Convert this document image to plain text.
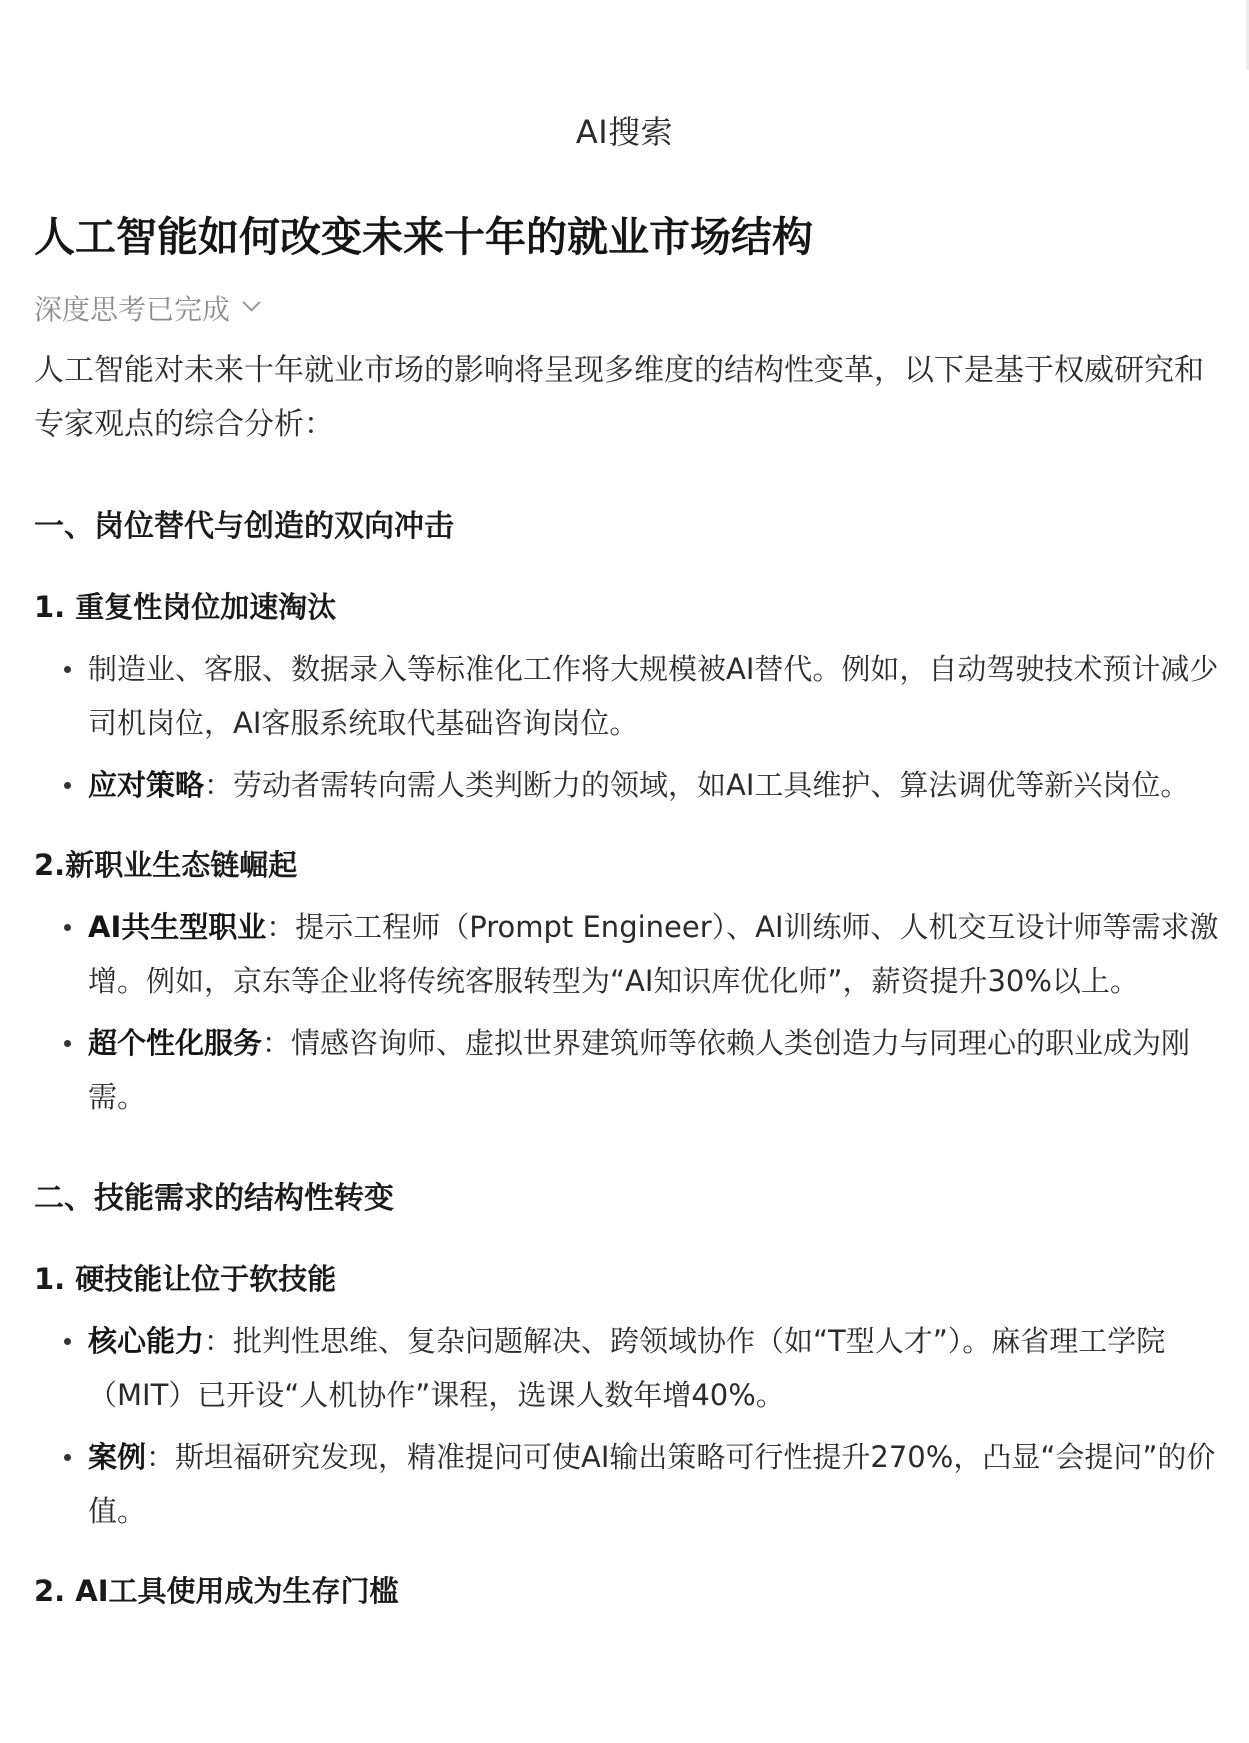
AI搜索
人工智能如何改变未来十年的就业市场结构
深度思考已完成
人工智能对未来十年就业市场的影响将呈现多维度的结构性变革，以下是基于权威研究和专家观点的综合分析：
一、岗位替代与创造的双向冲击
1. 重复性岗位加速淘汰
制造业、客服、数据录入等标准化工作将大规模被AI替代。例如，自动驾驶技术预计减少司机岗位，AI客服系统取代基础咨询岗位。
应对策略：劳动者需转向需人类判断力的领域，如AI工具维护、算法调优等新兴岗位。
2.新职业生态链崛起
AI共生型职业：提示工程师（Prompt Engineer）、AI训练师、人机交互设计师等需求激增。例如，京东等企业将传统客服转型为“AI知识库优化师”，薪资提升30%以上。
超个性化服务：情感咨询师、虚拟世界建筑师等依赖人类创造力与同理心的职业成为刚需。
二、技能需求的结构性转变
1. 硬技能让位于软技能
核心能力：批判性思维、复杂问题解决、跨领域协作（如“T型人才”）。麻省理工学院（MIT）已开设“人机协作”课程，选课人数年增40%。
案例：斯坦福研究发现，精准提问可使AI输出策略可行性提升270%，凸显“会提问”的价值。
2. AI工具使用成为生存门槛
